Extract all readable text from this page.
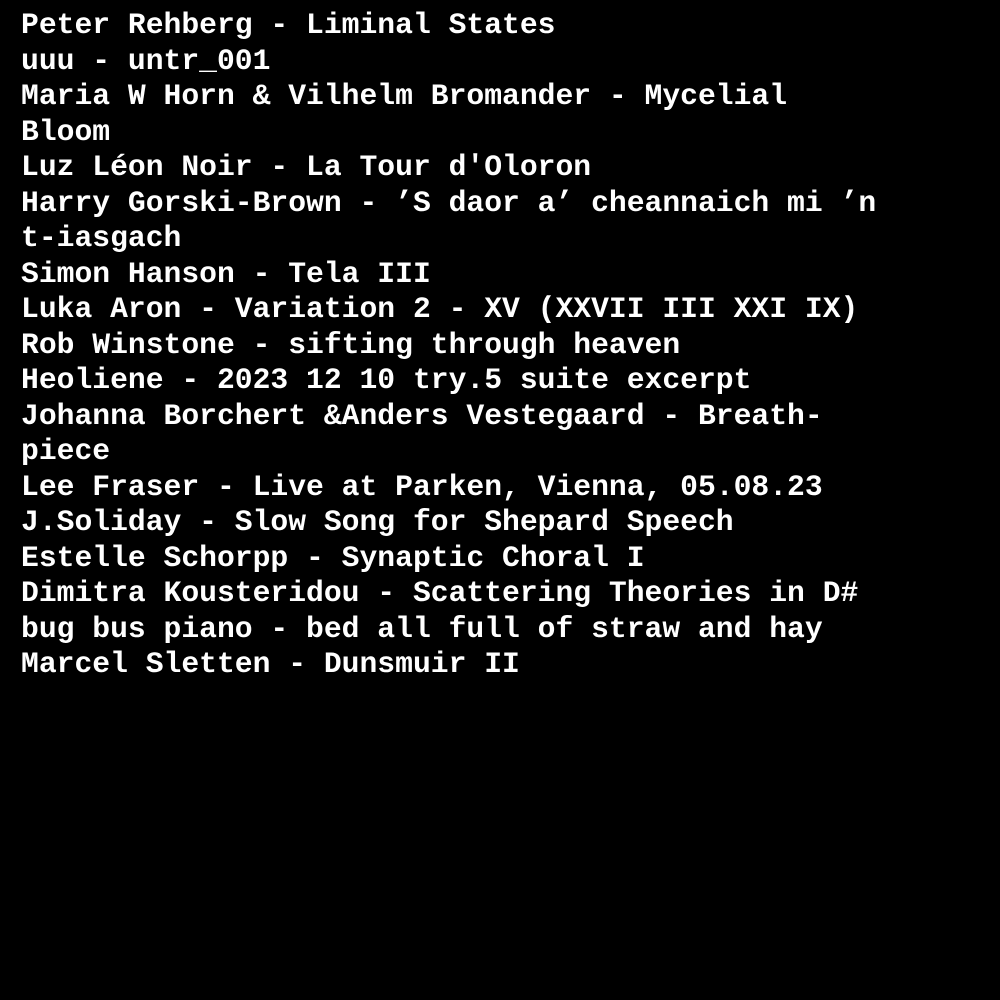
Peter Rehberg - Liminal States
uuu - untr_001
Maria W Horn & Vilhelm Bromander - Mycelial
Bloom
Luz Léon Noir - La Tour d'Oloron
Harry Gorski-Brown - ’S daor a’ cheannaich mi ’n
t-iasgach
Simon Hanson - Tela III
Luka Aron - Variation 2 - XV (XXVII III XXI IX)
Rob Winstone - sifting through heaven
Heoliene - 2023 12 10 try.5 suite excerpt
Johanna Borchert &Anders Vestegaard - Breath-
piece
Lee Fraser - Live at Parken, Vienna, 05.08.23
J.Soliday - Slow Song for Shepard Speech
Estelle Schorpp - Synaptic Choral I
Dimitra Kousteridou - Scattering Theories in D#
bug bus piano - bed all full of straw and hay
Marcel Sletten - Dunsmuir II
